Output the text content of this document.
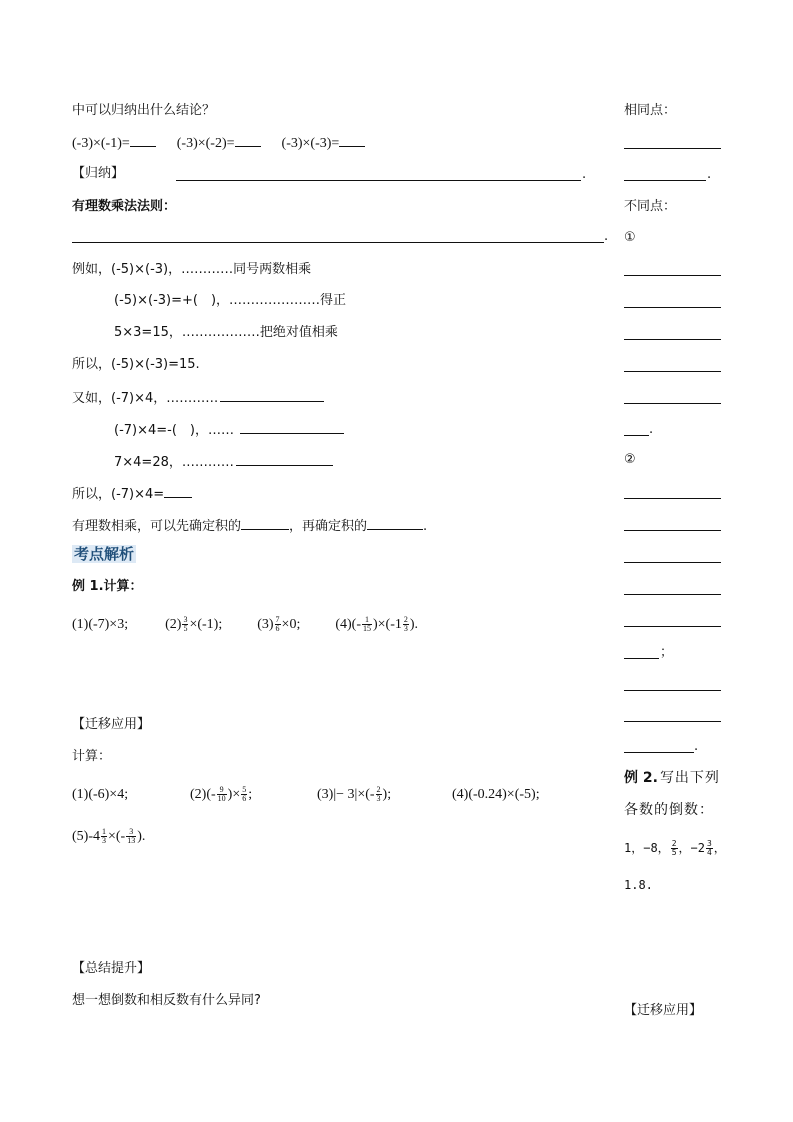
中可以归纳出什么结论？
(-3)×(-1)=	(-3)×(-2)=	(-3)×(-3)=
【归纳】	.
有理数乘法法则：
.
例如，(-5)×(-3)，…………同号两数相乘
(-5)×(-3)=+(　)，…………………得正
5×3=15，………………把绝对值相乘
所以，(-5)×(-3)=15.
又如，(-7)×4，…………
(-7)×4=-(　)，……
7×4=28，…………
所以，(-7)×4=
有理数相乘，可以先确定积的	，再确定积的	.
考点解析
例 1.计算：
(1)(-7)×3;	$(2) \frac{3}{5} \times(-1)$;	$(3) \frac{7}{6} \times 0$;	$(4)(- \frac{1}{15} )\times(-1 \frac{2}{3}$ ).
【迁移应用】
计算：
(1)(-6)×4;	$(2)(- \frac{9}{10}$ )× $\frac{5}{6}$ ;	$(3)|- 3|\times(- \frac{2}{3}$ );	(4)(-0.24)×(-5);
$(5)-4 \frac{1}{3}$ ×(- $\frac{3}{13}$ ).
【总结提升】
想一想倒数和相反数有什么异同?
相同点：
.
不同点：
①
.
②
；
.
例 2. 写出下列
各数的倒数：
1，−8， $\frac{2}{5}$ ，$-2 \frac{3}{4}$ ，
1.8.
【迁移应用】
